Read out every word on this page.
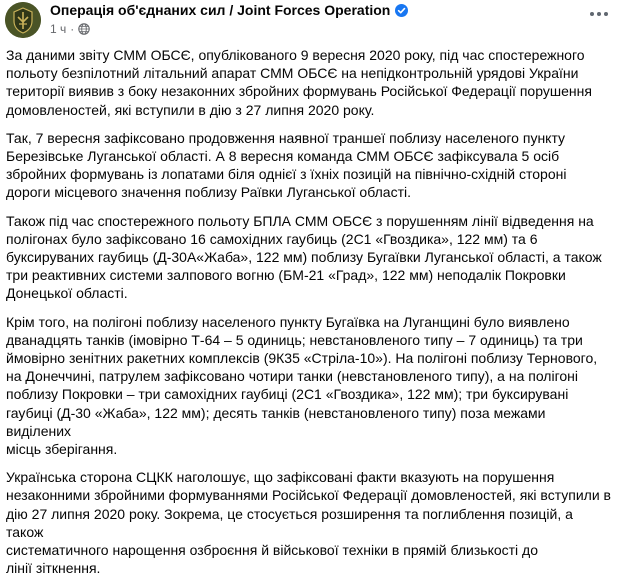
Операція об'єднаних сил / Joint Forces Operation
1 ч ·

За даними звіту СММ ОБСЄ, опублікованого 9 вересня 2020 року, під час спостережного
польоту безпілотний літальний апарат СММ ОБСЄ на непідконтрольній урядові України
території виявив з боку незаконних збройних формувань Російської Федерації порушення
домовленостей, які вступили в дію з 27 липня 2020 року.

Так, 7 вересня зафіксовано продовження наявної траншеї поблизу населеного пункту
Березівське Луганської області. А 8 вересня команда СММ ОБСЄ зафіксувала 5 осіб
збройних формувань із лопатами біля однієї з їхніх позицій на північно-східній стороні
дороги місцевого значення поблизу Раївки Луганської області.

Також під час спостережного польоту БПЛА СММ ОБСЄ з порушенням лінії відведення на
полігонах було зафіксовано 16 самохідних гаубиць (2С1 «Гвоздика», 122 мм) та 6
буксируваних гаубиць (Д-30А«Жаба», 122 мм) поблизу Бугаївки Луганської області, а також
три реактивних системи залпового вогню (БМ-21 «Град», 122 мм) неподалік Покровки
Донецької області.

Крім того, на полігоні поблизу населеного пункту Бугаївка на Луганщині було виявлено
дванадцять танків (імовірно Т-64 – 5 одиниць; невстановленого типу – 7 одиниць) та три
ймовірно зенітних ракетних комплексів (9К35 «Стріла-10»). На полігоні поблизу Тернового,
на Донеччині, патрулем зафіксовано чотири танки (невстановленого типу), а на полігоні
поблизу Покровки – три самохідних гаубиці (2С1 «Гвоздика», 122 мм); три буксирувані
гаубиці (Д-30 «Жаба», 122 мм); десять танків (невстановленого типу) поза межами виділених
місць зберігання.

Українська сторона СЦКК наголошує, що зафіксовані факти вказують на порушення
незаконними збройними формуваннями Російської Федерації домовленостей, які вступили в
дію 27 липня 2020 року. Зокрема, це стосується розширення та поглиблення позицій, а також
систематичного нарощення озброєння й військової техніки в прямій близькості до
лінії зіткнення.
